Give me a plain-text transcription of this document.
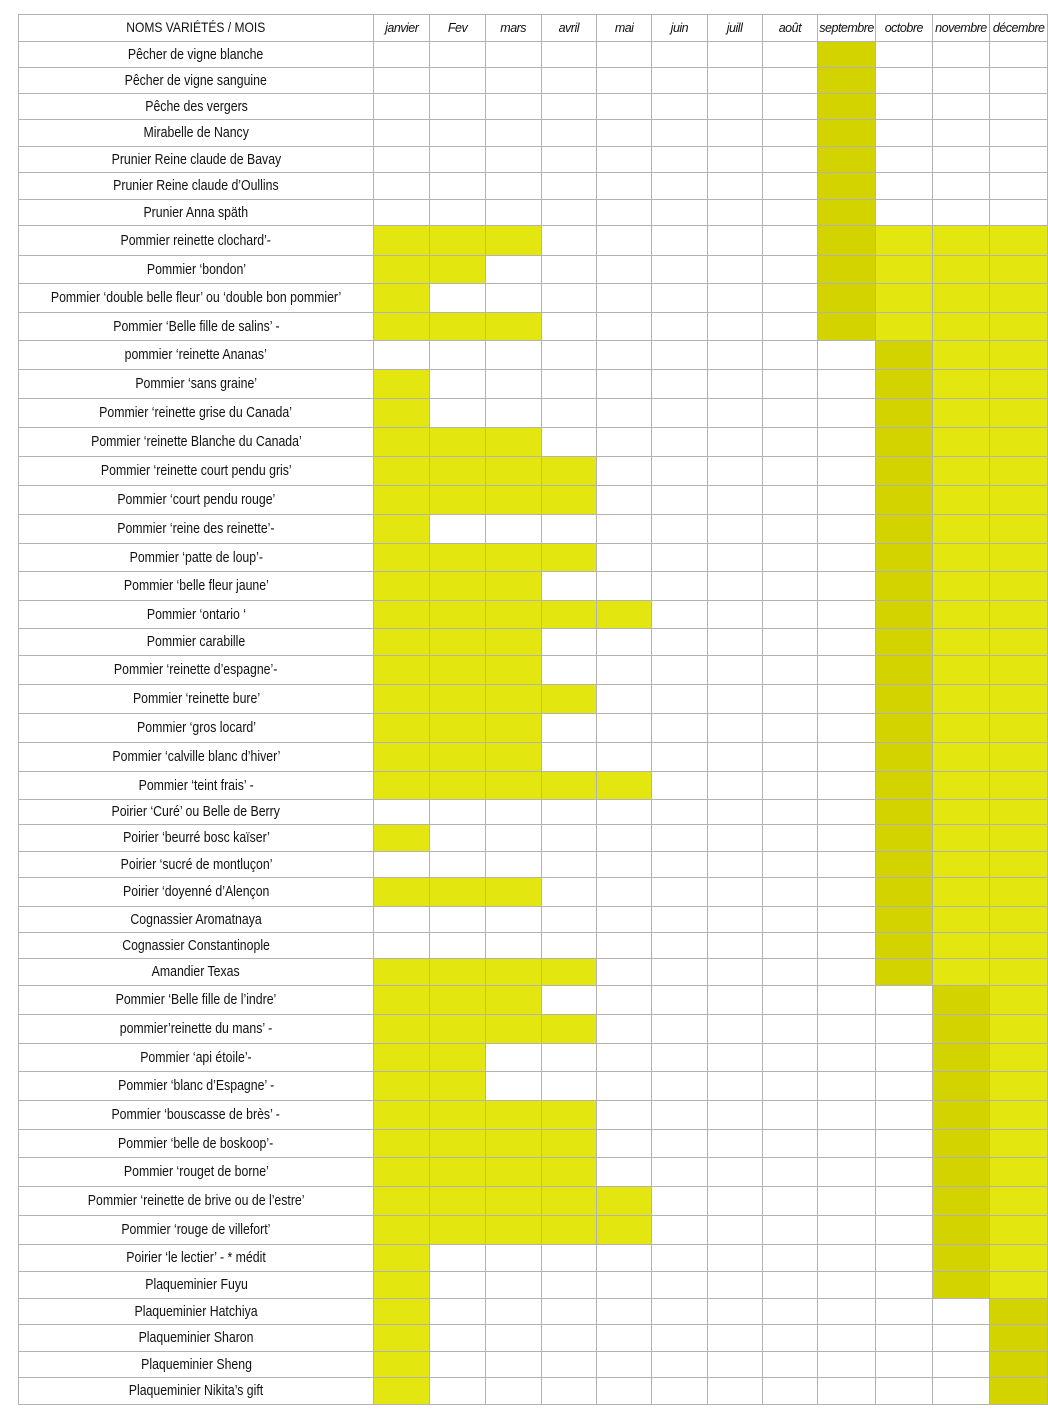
NOMS VARIÉTÉS / MOIS	janvier	Fev	mars	avril	mai	juin	juill	août	septembre	octobre	novembre	décembre
Pêcher de vigne blanche												
Pêcher de vigne sanguine												
Pêche des vergers												
Mirabelle de Nancy												
Prunier Reine claude de Bavay												
Prunier Reine claude d’Oullins												
Prunier Anna späth												
Pommier reinette clochard’-												
Pommier ‘bondon’												
Pommier ‘double belle fleur’ ou ‘double bon pommier’												
Pommier ‘Belle fille de salins’ -												
pommier ‘reinette Ananas’												
Pommier ‘sans graine’												
Pommier ‘reinette grise du Canada’												
Pommier ‘reinette Blanche du Canada’												
Pommier ‘reinette court pendu gris’												
Pommier ‘court pendu rouge’												
Pommier ‘reine des reinette’-												
Pommier ‘patte de loup’-												
Pommier ‘belle fleur jaune’												
Pommier ‘ontario ‘												
Pommier carabille												
Pommier ‘reinette d’espagne’-												
Pommier ‘reinette bure’												
Pommier ‘gros locard’												
Pommier ‘calville blanc d’hiver’												
Pommier ‘teint frais’ -												
Poirier ‘Curé’ ou Belle de Berry												
Poirier ‘beurré bosc kaïser’												
Poirier ‘sucré de montluçon’												
Poirier ‘doyenné d’Alençon												
Cognassier Aromatnaya												
Cognassier Constantinople												
Amandier Texas												
Pommier ‘Belle fille de l’indre’												
pommier’reinette du mans’ -												
Pommier ‘api étoile’-												
Pommier ‘blanc d’Espagne’ -												
Pommier ‘bouscasse de brès’ -												
Pommier ‘belle de boskoop’-												
Pommier ‘rouget de borne’												
Pommier ‘reinette de brive ou de l’estre’												
Pommier ‘rouge de villefort’												
Poirier ‘le lectier’ - * médit												
Plaqueminier Fuyu												
Plaqueminier Hatchiya												
Plaqueminier Sharon												
Plaqueminier Sheng												
Plaqueminier Nikita’s gift												
